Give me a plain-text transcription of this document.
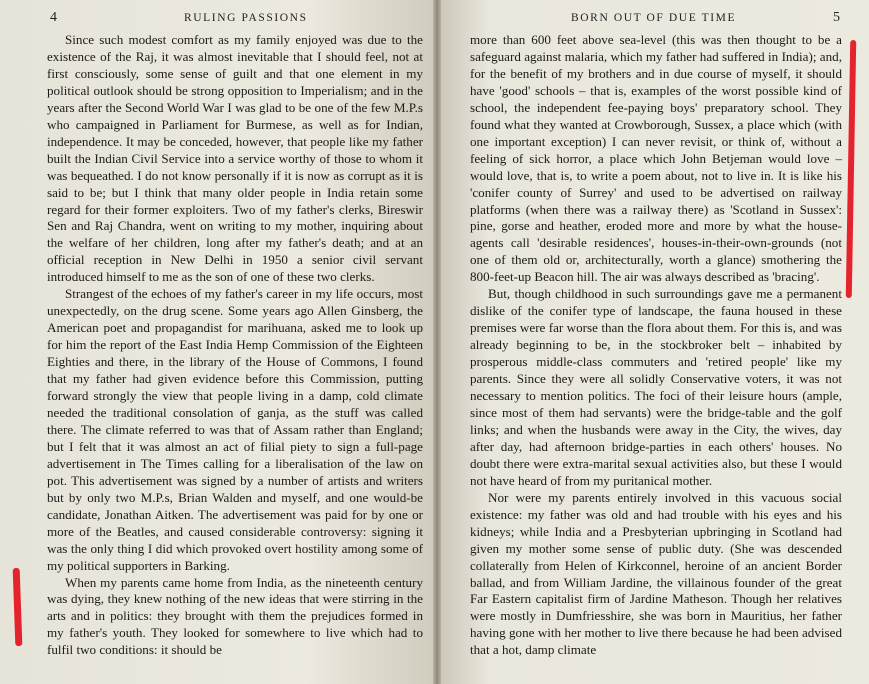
4	RULING PASSIONS

Since such modest comfort as my family enjoyed was due to the existence of the Raj, it was almost inevitable that I should feel, not at first consciously, some sense of guilt and that one element in my political outlook should be strong opposition to Imperialism; and in the years after the Second World War I was glad to be one of the few M.P.s who campaigned in Parliament for Burmese, as well as for Indian, independence. It may be conceded, however, that people like my father built the Indian Civil Service into a service worthy of those to whom it was bequeathed. I do not know personally if it is now as corrupt as it is said to be; but I think that many older people in India retain some regard for their former exploiters. Two of my father's clerks, Bireswir Sen and Raj Chandra, went on writing to my mother, inquiring about the welfare of her children, long after my father's death; and at an official reception in New Delhi in 1950 a senior civil servant introduced himself to me as the son of one of these two clerks.

Strangest of the echoes of my father's career in my life occurs, most unexpectedly, on the drug scene. Some years ago Allen Ginsberg, the American poet and propagandist for marihuana, asked me to look up for him the report of the East India Hemp Commission of the Eighteen Eighties and there, in the library of the House of Commons, I found that my father had given evidence before this Commission, putting forward strongly the view that people living in a damp, cold climate needed the traditional consolation of ganja, as the stuff was called there. The climate referred to was that of Assam rather than England; but I felt that it was almost an act of filial piety to sign a full-page advertisement in The Times calling for a liberalisation of the law on pot. This advertisement was signed by a number of artists and writers but by only two M.P.s, Brian Walden and myself, and one would-be candidate, Jonathan Aitken. The advertisement was paid for by one or more of the Beatles, and caused considerable controversy: signing it was the only thing I did which provoked overt hostility among some of my political supporters in Barking.

When my parents came home from India, as the nineteenth century was dying, they knew nothing of the new ideas that were stirring in the arts and in politics: they brought with them the prejudices formed in my father's youth. They looked for somewhere to live which had to fulfil two conditions: it should be

BORN OUT OF DUE TIME	5

more than 600 feet above sea-level (this was then thought to be a safeguard against malaria, which my father had suffered in India); and, for the benefit of my brothers and in due course of myself, it should have 'good' schools – that is, examples of the worst possible kind of school, the independent fee-paying boys' preparatory school. They found what they wanted at Crowborough, Sussex, a place which (with one important exception) I can never revisit, or think of, without a feeling of sick horror, a place which John Betjeman would love – would love, that is, to write a poem about, not to live in. It is like his 'conifer county of Surrey' and used to be advertised on railway platforms (when there was a railway there) as 'Scotland in Sussex': pine, gorse and heather, eroded more and more by what the house-agents call 'desirable residences', houses-in-their-own-grounds (not one of them old or, architecturally, worth a glance) smothering the 800-feet-up Beacon hill. The air was always described as 'bracing'.

But, though childhood in such surroundings gave me a permanent dislike of the conifer type of landscape, the fauna housed in these premises were far worse than the flora about them. For this is, and was already beginning to be, in the stockbroker belt – inhabited by prosperous middle-class commuters and 'retired people' like my parents. Since they were all solidly Conservative voters, it was not necessary to mention politics. The foci of their leisure hours (ample, since most of them had servants) were the bridge-table and the golf links; and when the husbands were away in the City, the wives, day after day, had afternoon bridge-parties in each others' houses. No doubt there were extra-marital sexual activities also, but these I would not have heard of from my puritanical mother.

Nor were my parents entirely involved in this vacuous social existence: my father was old and had trouble with his eyes and his kidneys; while India and a Presbyterian upbringing in Scotland had given my mother some sense of public duty. (She was descended collaterally from Helen of Kirkconnel, heroine of an ancient Border ballad, and from William Jardine, the villainous founder of the great Far Eastern capitalist firm of Jardine Matheson. Though her relatives were mostly in Dumfriesshire, she was born in Mauritius, her father having gone with her mother to live there because he had been advised that a hot, damp climate
